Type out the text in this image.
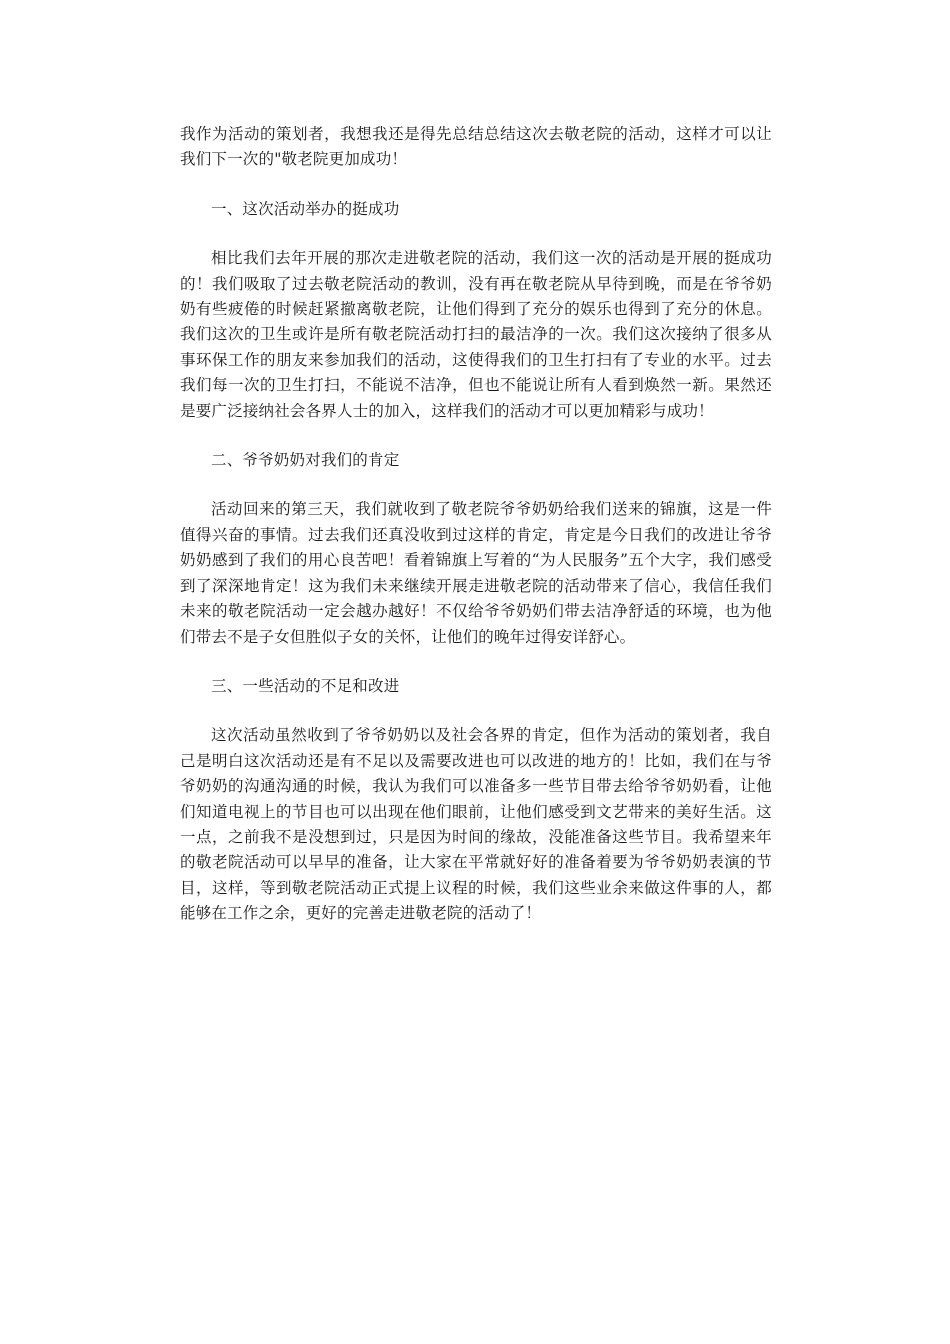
我作为活动的策划者，我想我还是得先总结总结这次去敬老院的活动，这样才可以让我们下一次的"敬老院更加成功！

一、这次活动举办的挺成功

相比我们去年开展的那次走进敬老院的活动，我们这一次的活动是开展的挺成功的！我们吸取了过去敬老院活动的教训，没有再在敬老院从早待到晚，而是在爷爷奶奶有些疲倦的时候赶紧撤离敬老院，让他们得到了充分的娱乐也得到了充分的休息。我们这次的卫生或许是所有敬老院活动打扫的最洁净的一次。我们这次接纳了很多从事环保工作的朋友来参加我们的活动，这使得我们的卫生打扫有了专业的水平。过去我们每一次的卫生打扫，不能说不洁净，但也不能说让所有人看到焕然一新。果然还是要广泛接纳社会各界人士的加入，这样我们的活动才可以更加精彩与成功！

二、爷爷奶奶对我们的肯定

活动回来的第三天，我们就收到了敬老院爷爷奶奶给我们送来的锦旗，这是一件值得兴奋的事情。过去我们还真没收到过这样的肯定，肯定是今日我们的改进让爷爷奶奶感到了我们的用心良苦吧！看着锦旗上写着的“为人民服务”五个大字，我们感受到了深深地肯定！这为我们未来继续开展走进敬老院的活动带来了信心，我信任我们未来的敬老院活动一定会越办越好！不仅给爷爷奶奶们带去洁净舒适的环境，也为他们带去不是子女但胜似子女的关怀，让他们的晚年过得安详舒心。

三、一些活动的不足和改进

这次活动虽然收到了爷爷奶奶以及社会各界的肯定，但作为活动的策划者，我自己是明白这次活动还是有不足以及需要改进也可以改进的地方的！比如，我们在与爷爷奶奶的沟通沟通的时候，我认为我们可以准备多一些节目带去给爷爷奶奶看，让他们知道电视上的节目也可以出现在他们眼前，让他们感受到文艺带来的美好生活。这一点，之前我不是没想到过，只是因为时间的缘故，没能准备这些节目。我希望来年的敬老院活动可以早早的准备，让大家在平常就好好的准备着要为爷爷奶奶表演的节目，这样，等到敬老院活动正式提上议程的时候，我们这些业余来做这件事的人，都能够在工作之余，更好的完善走进敬老院的活动了！
